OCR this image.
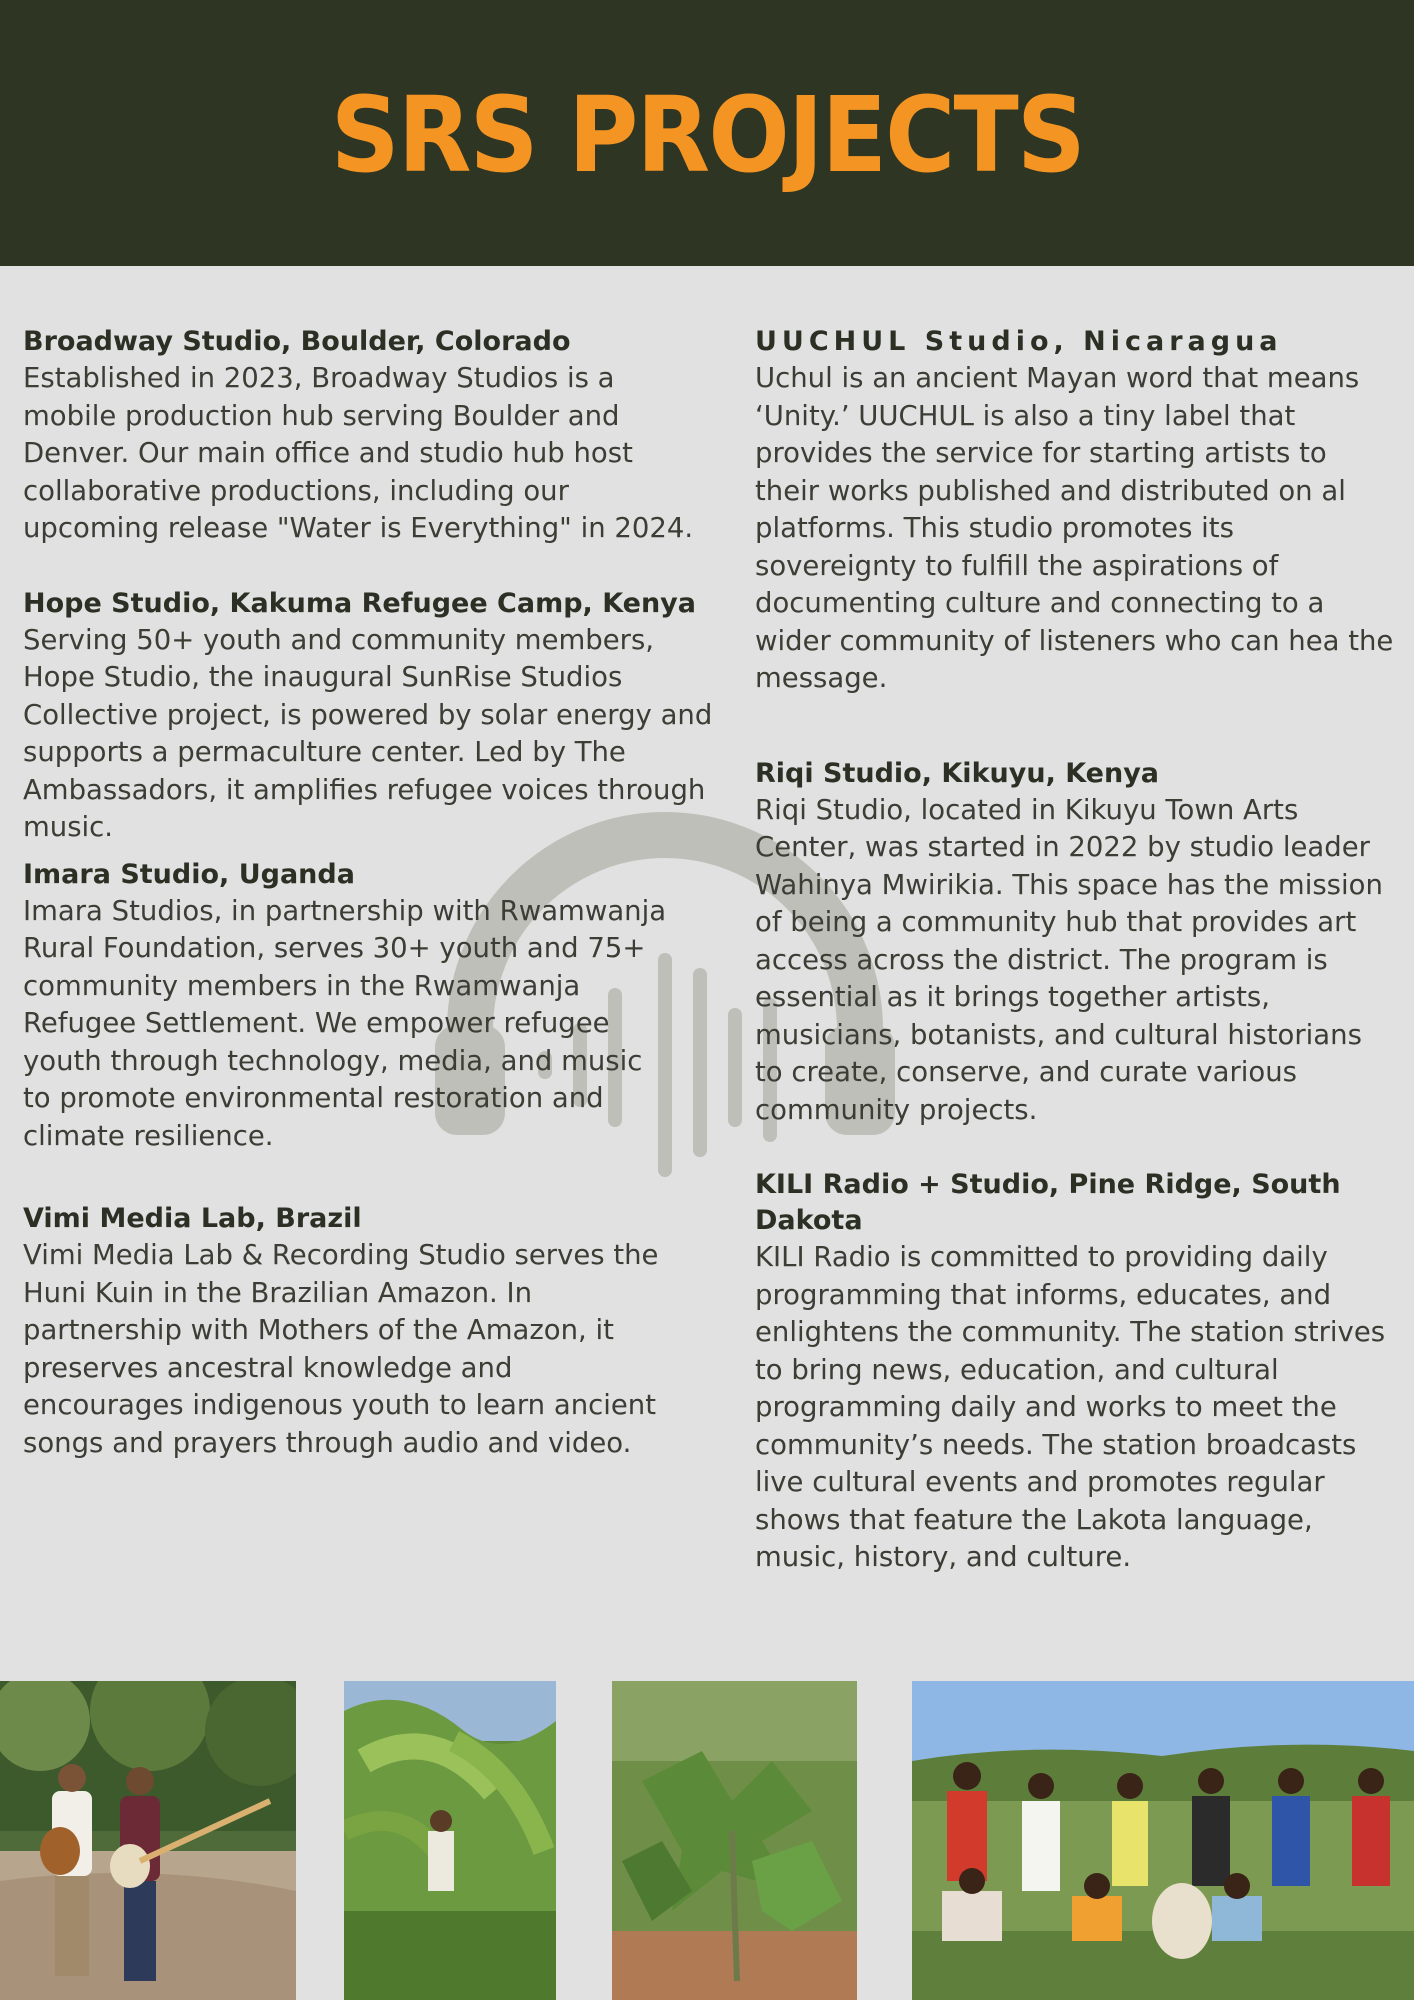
SRS PROJECTS
Broadway Studio, Boulder, Colorado

Established in 2023, Broadway Studios is a mobile production hub serving Boulder and Denver. Our main office and studio hub host collaborative productions, including our upcoming release "Water is Everything" in 2024.

Hope Studio, Kakuma Refugee Camp, Kenya

Serving 50+ youth and community members, Hope Studio, the inaugural SunRise Studios Collective project, is powered by solar energy and supports a permaculture center. Led by The Ambassadors, it amplifies refugee voices through music.

Imara Studio, Uganda

Imara Studios, in partnership with Rwamwanja Rural Foundation, serves 30+ youth and 75+ community members in the Rwamwanja Refugee Settlement. We empower refugee youth through technology, media, and music to promote environmental restoration and climate resilience.

Vimi Media Lab, Brazil

Vimi Media Lab & Recording Studio serves the Huni Kuin in the Brazilian Amazon. In partnership with Mothers of the Amazon, it preserves ancestral knowledge and encourages indigenous youth to learn ancient songs and prayers through audio and video.

UUCHUL Studio, Nicaragua

Uchul is an ancient Mayan word that means ‘Unity.’ UUCHUL is also a tiny label that provides the service for starting artists to their works published and distributed on al platforms. This studio promotes its sovereignty to fulfill the aspirations of documenting culture and connecting to a wider community of listeners who can hea the message.

Riqi Studio, Kikuyu, Kenya

Riqi Studio, located in Kikuyu Town Arts Center, was started in 2022 by studio leader Wahinya Mwirikia. This space has the mission of being a community hub that provides art access across the district. The program is essential as it brings together artists, musicians, botanists, and cultural historians to create, conserve, and curate various community projects.

KILI Radio + Studio, Pine Ridge, South Dakota

KILI Radio is committed to providing daily programming that informs, educates, and enlightens the community. The station strives to bring news, education, and cultural programming daily and works to meet the community’s needs. The station broadcasts live cultural events and promotes regular shows that feature the Lakota language, music, history, and culture.
